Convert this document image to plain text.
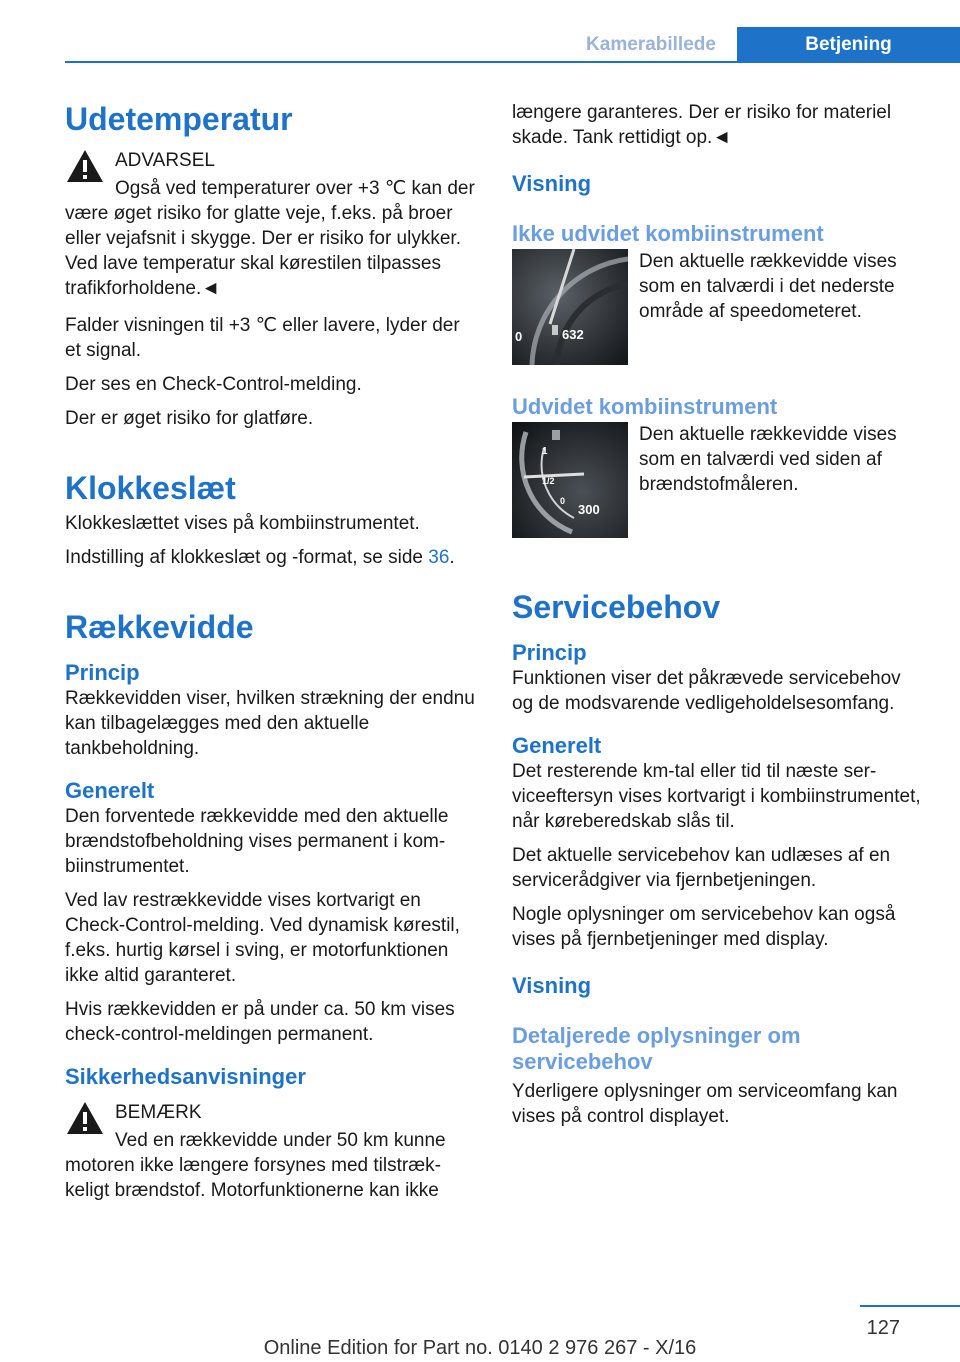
Kamerabillede	Betjening
Udetemperatur

ADVARSEL

Også ved temperaturer over +3 ℃ kan der være øget risiko for glatte veje, f.eks. på broer eller vejafsnit i skygge. Der er risiko for ulykker. Ved lave temperatur skal kørestilen tilpasses trafikforholdene.◄

Falder visningen til +3 ℃ eller lavere, lyder der et signal.

Der ses en Check-Control-melding.

Der er øget risiko for glatføre.

Klokkeslæt

Klokkeslættet vises på kombiinstrumentet.

Indstilling af klokkeslæt og -format, se side 36.

Rækkevidde
Princip

Rækkevidden viser, hvilken strækning der endnu kan tilbagelægges med den aktuelle tankbeholdning.

Generelt

Den forventede rækkevidde med den aktuelle brændstofbeholdning vises permanent i kombiinstrumentet.

Ved lav restrækkevidde vises kortvarigt en Check-Control-melding. Ved dynamisk kørestil, f.eks. hurtig kørsel i sving, er motorfunktionen ikke altid garanteret.

Hvis rækkevidden er på under ca. 50 km vises check-control-meldingen permanent.

Sikkerhedsanvisninger

BEMÆRK

Ved en rækkevidde under 50 km kunne motoren ikke længere forsynes med tilstrækkeligt brændstof. Motorfunktionerne kan ikke

længere garanteres. Der er risiko for materiel skade. Tank rettidigt op.◄

Visning
Ikke udvidet kombiinstrument
0	632

Den aktuelle rækkevidde vises som en talværdi i det nederste område af speedometeret.

Udvidet kombiinstrument
1
1/2
0
300

Den aktuelle rækkevidde vises som en talværdi ved siden af brændstofmåleren.

Servicebehov
Princip

Funktionen viser det påkrævede servicebehov og de modsvarende vedligeholdelsesomfang.

Generelt

Det resterende km-tal eller tid til næste serviceeftersyn vises kortvarigt i kombiinstrumentet, når køreberedskab slås til.

Det aktuelle servicebehov kan udlæses af en servicerådgiver via fjernbetjeningen.

Nogle oplysninger om servicebehov kan også vises på fjernbetjeninger med display.

Visning
Detaljerede oplysninger om servicebehov

Yderligere oplysninger om serviceomfang kan vises på control displayet.

127
Online Edition for Part no. 0140 2 976 267 - X/16
